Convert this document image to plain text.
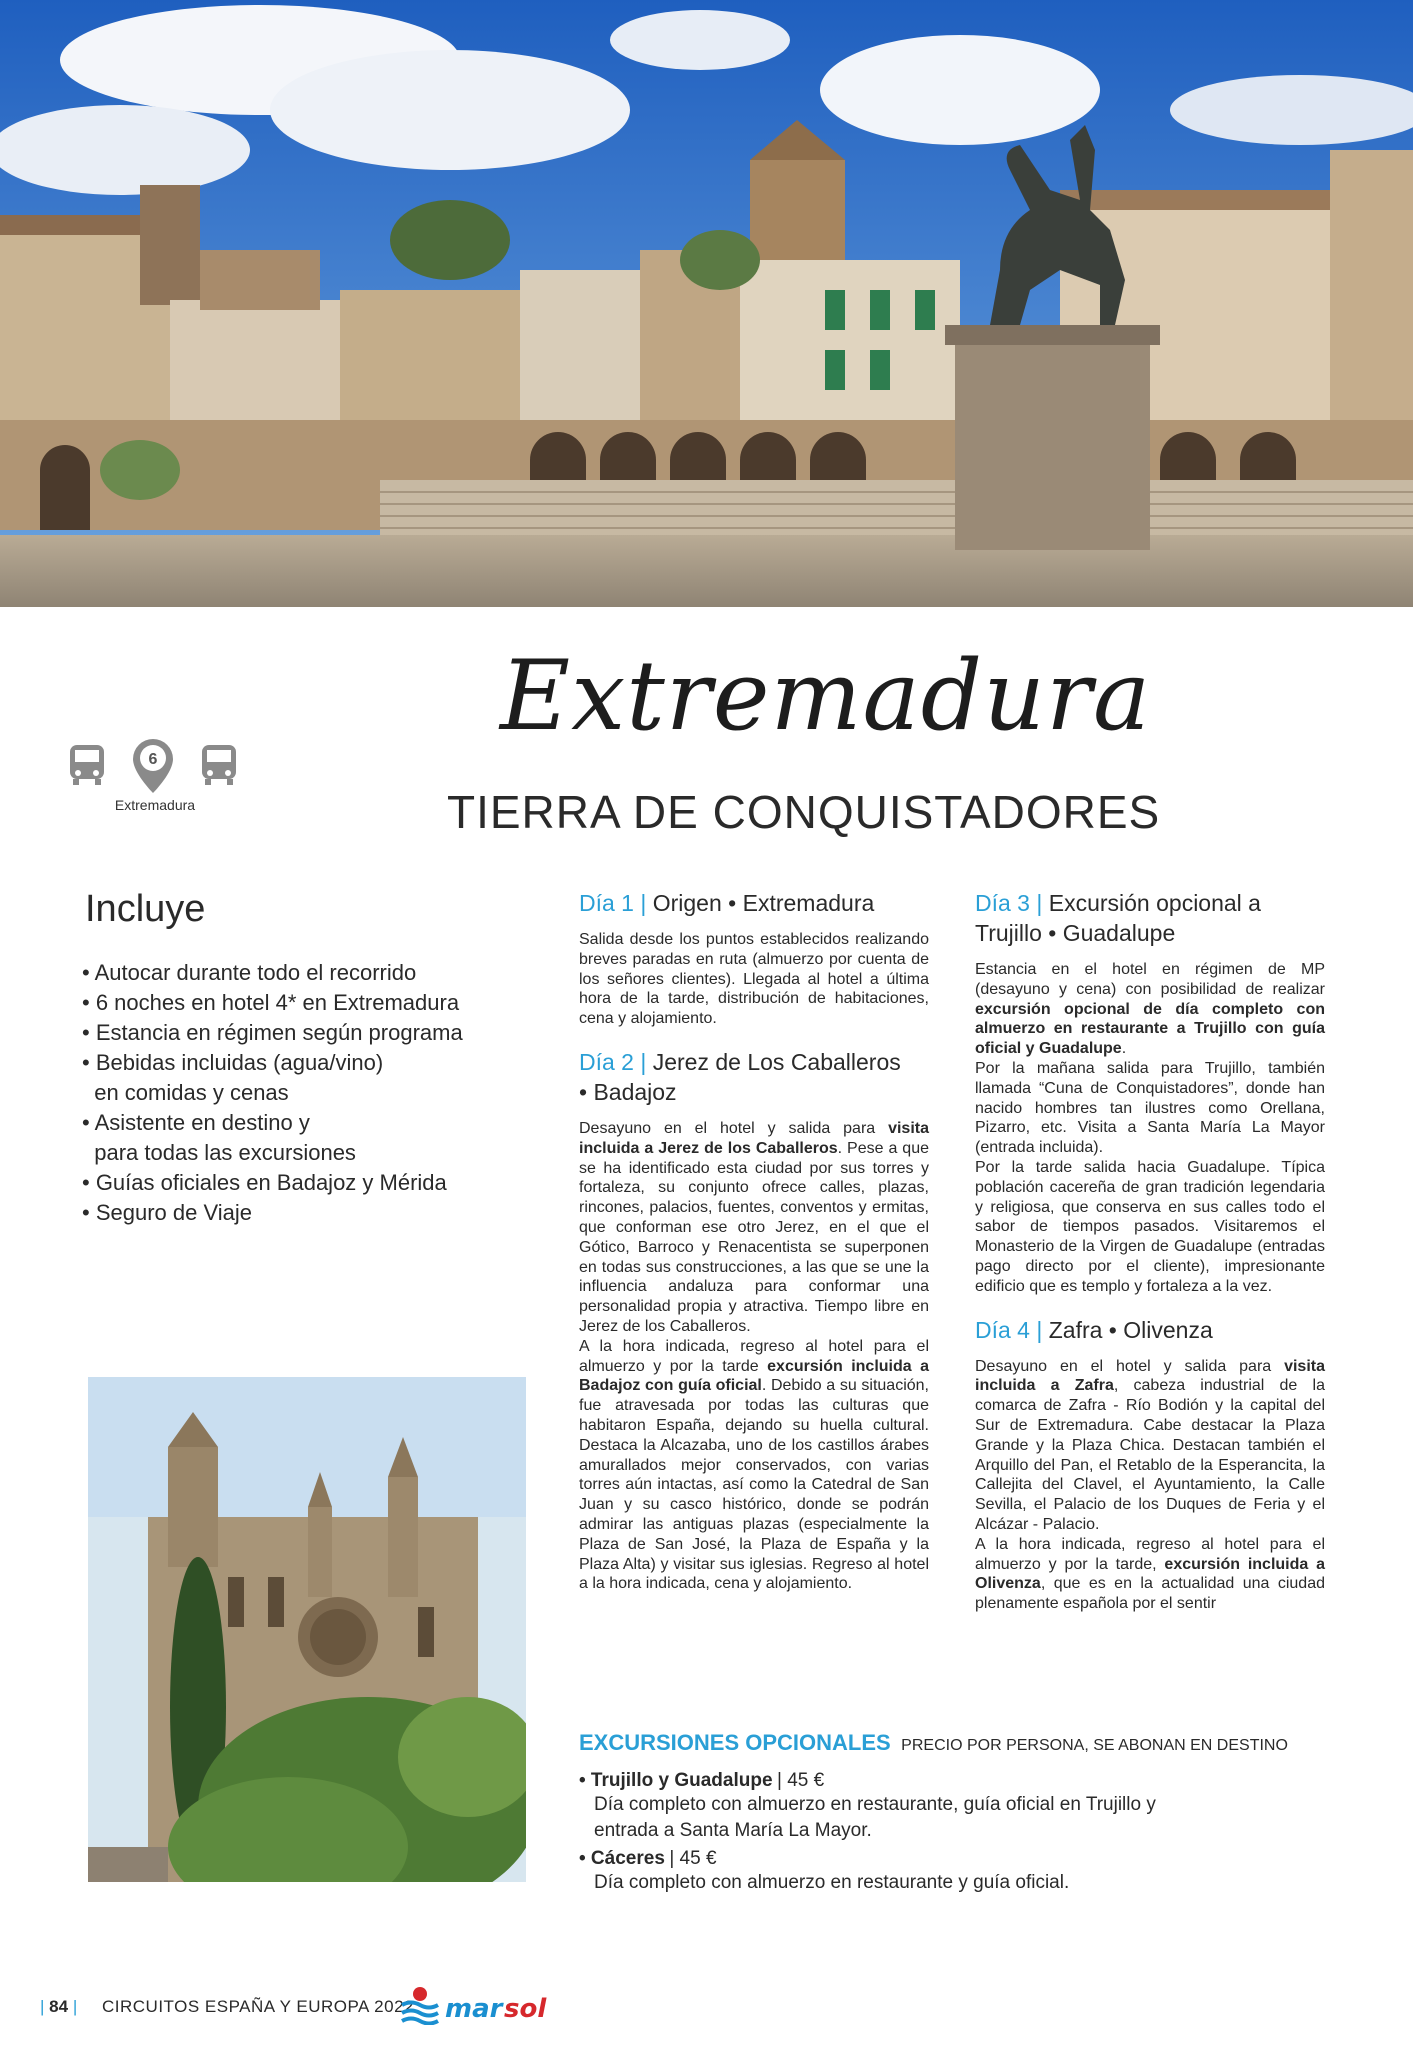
Extremadura
TIERRA DE CONQUISTADORES
6
Extremadura
Incluye
• Autocar durante todo el recorrido
• 6 noches en hotel 4* en Extremadura
• Estancia en régimen según programa
• Bebidas incluidas (agua/vino)
en comidas y cenas
• Asistente en destino y
para todas las excursiones
• Guías oficiales en Badajoz y Mérida
• Seguro de Viaje
Día 1 | Origen • Extremadura

Salida desde los puntos establecidos realizando breves paradas en ruta (almuerzo por cuenta de los señores clientes). Llegada al hotel a última hora de la tarde, distribución de habitaciones, cena y alojamiento.

Día 2 | Jerez de Los Caballeros
• Badajoz

Desayuno en el hotel y salida para visita incluida a Jerez de los Caballeros. Pese a que se ha identificado esta ciudad por sus torres y fortaleza, su conjunto ofrece calles, plazas, rincones, palacios, fuentes, conventos y ermitas, que conforman ese otro Jerez, en el que el Gótico, Barroco y Renacentista se superponen en todas sus construcciones, a las que se une la influencia andaluza para conformar una personalidad propia y atractiva. Tiempo libre en Jerez de los Caballeros.

A la hora indicada, regreso al hotel para el almuerzo y por la tarde excursión incluida a Badajoz con guía oficial. Debido a su situación, fue atravesada por todas las culturas que habitaron España, dejando su huella cultural. Destaca la Alcazaba, uno de los castillos árabes amurallados mejor conservados, con varias torres aún intactas, así como la Catedral de San Juan y su casco histórico, donde se podrán admirar las antiguas plazas (especialmente la Plaza de San José, la Plaza de España y la Plaza Alta) y visitar sus iglesias. Regreso al hotel a la hora indicada, cena y alojamiento.

Día 3 | Excursión opcional a
Trujillo • Guadalupe

Estancia en el hotel en régimen de MP (desayuno y cena) con posibilidad de realizar excursión opcional de día completo con almuerzo en restaurante a Trujillo con guía oficial y Guadalupe.

Por la mañana salida para Trujillo, también llamada “Cuna de Conquistadores”, donde han nacido hombres tan ilustres como Orellana, Pizarro, etc. Visita a Santa María La Mayor (entrada incluida).

Por la tarde salida hacia Guadalupe. Típica población cacereña de gran tradición legendaria y religiosa, que conserva en sus calles todo el sabor de tiempos pasados. Visitaremos el Monasterio de la Virgen de Guadalupe (entradas pago directo por el cliente), impresionante edificio que es templo y fortaleza a la vez.

Día 4 | Zafra • Olivenza

Desayuno en el hotel y salida para visita incluida a Zafra, cabeza industrial de la comarca de Zafra - Río Bodión y la capital del Sur de Extremadura. Cabe destacar la Plaza Grande y la Plaza Chica. Destacan también el Arquillo del Pan, el Retablo de la Esperancita, la Callejita del Clavel, el Ayuntamiento, la Calle Sevilla, el Palacio de los Duques de Feria y el Alcázar - Palacio.

A la hora indicada, regreso al hotel para el almuerzo y por la tarde, excursión incluida a Olivenza, que es en la actualidad una ciudad plenamente española por el sentir

EXCURSIONES OPCIONALES PRECIO POR PERSONA, SE ABONAN EN DESTINO
• Trujillo y Guadalupe | 45 €
Día completo con almuerzo en restaurante, guía oficial en Trujillo y
entrada a Santa María La Mayor.
• Cáceres | 45 €
Día completo con almuerzo en restaurante y guía oficial.
| 84 | CIRCUITOS ESPAÑA Y EUROPA 2022 mar sol
